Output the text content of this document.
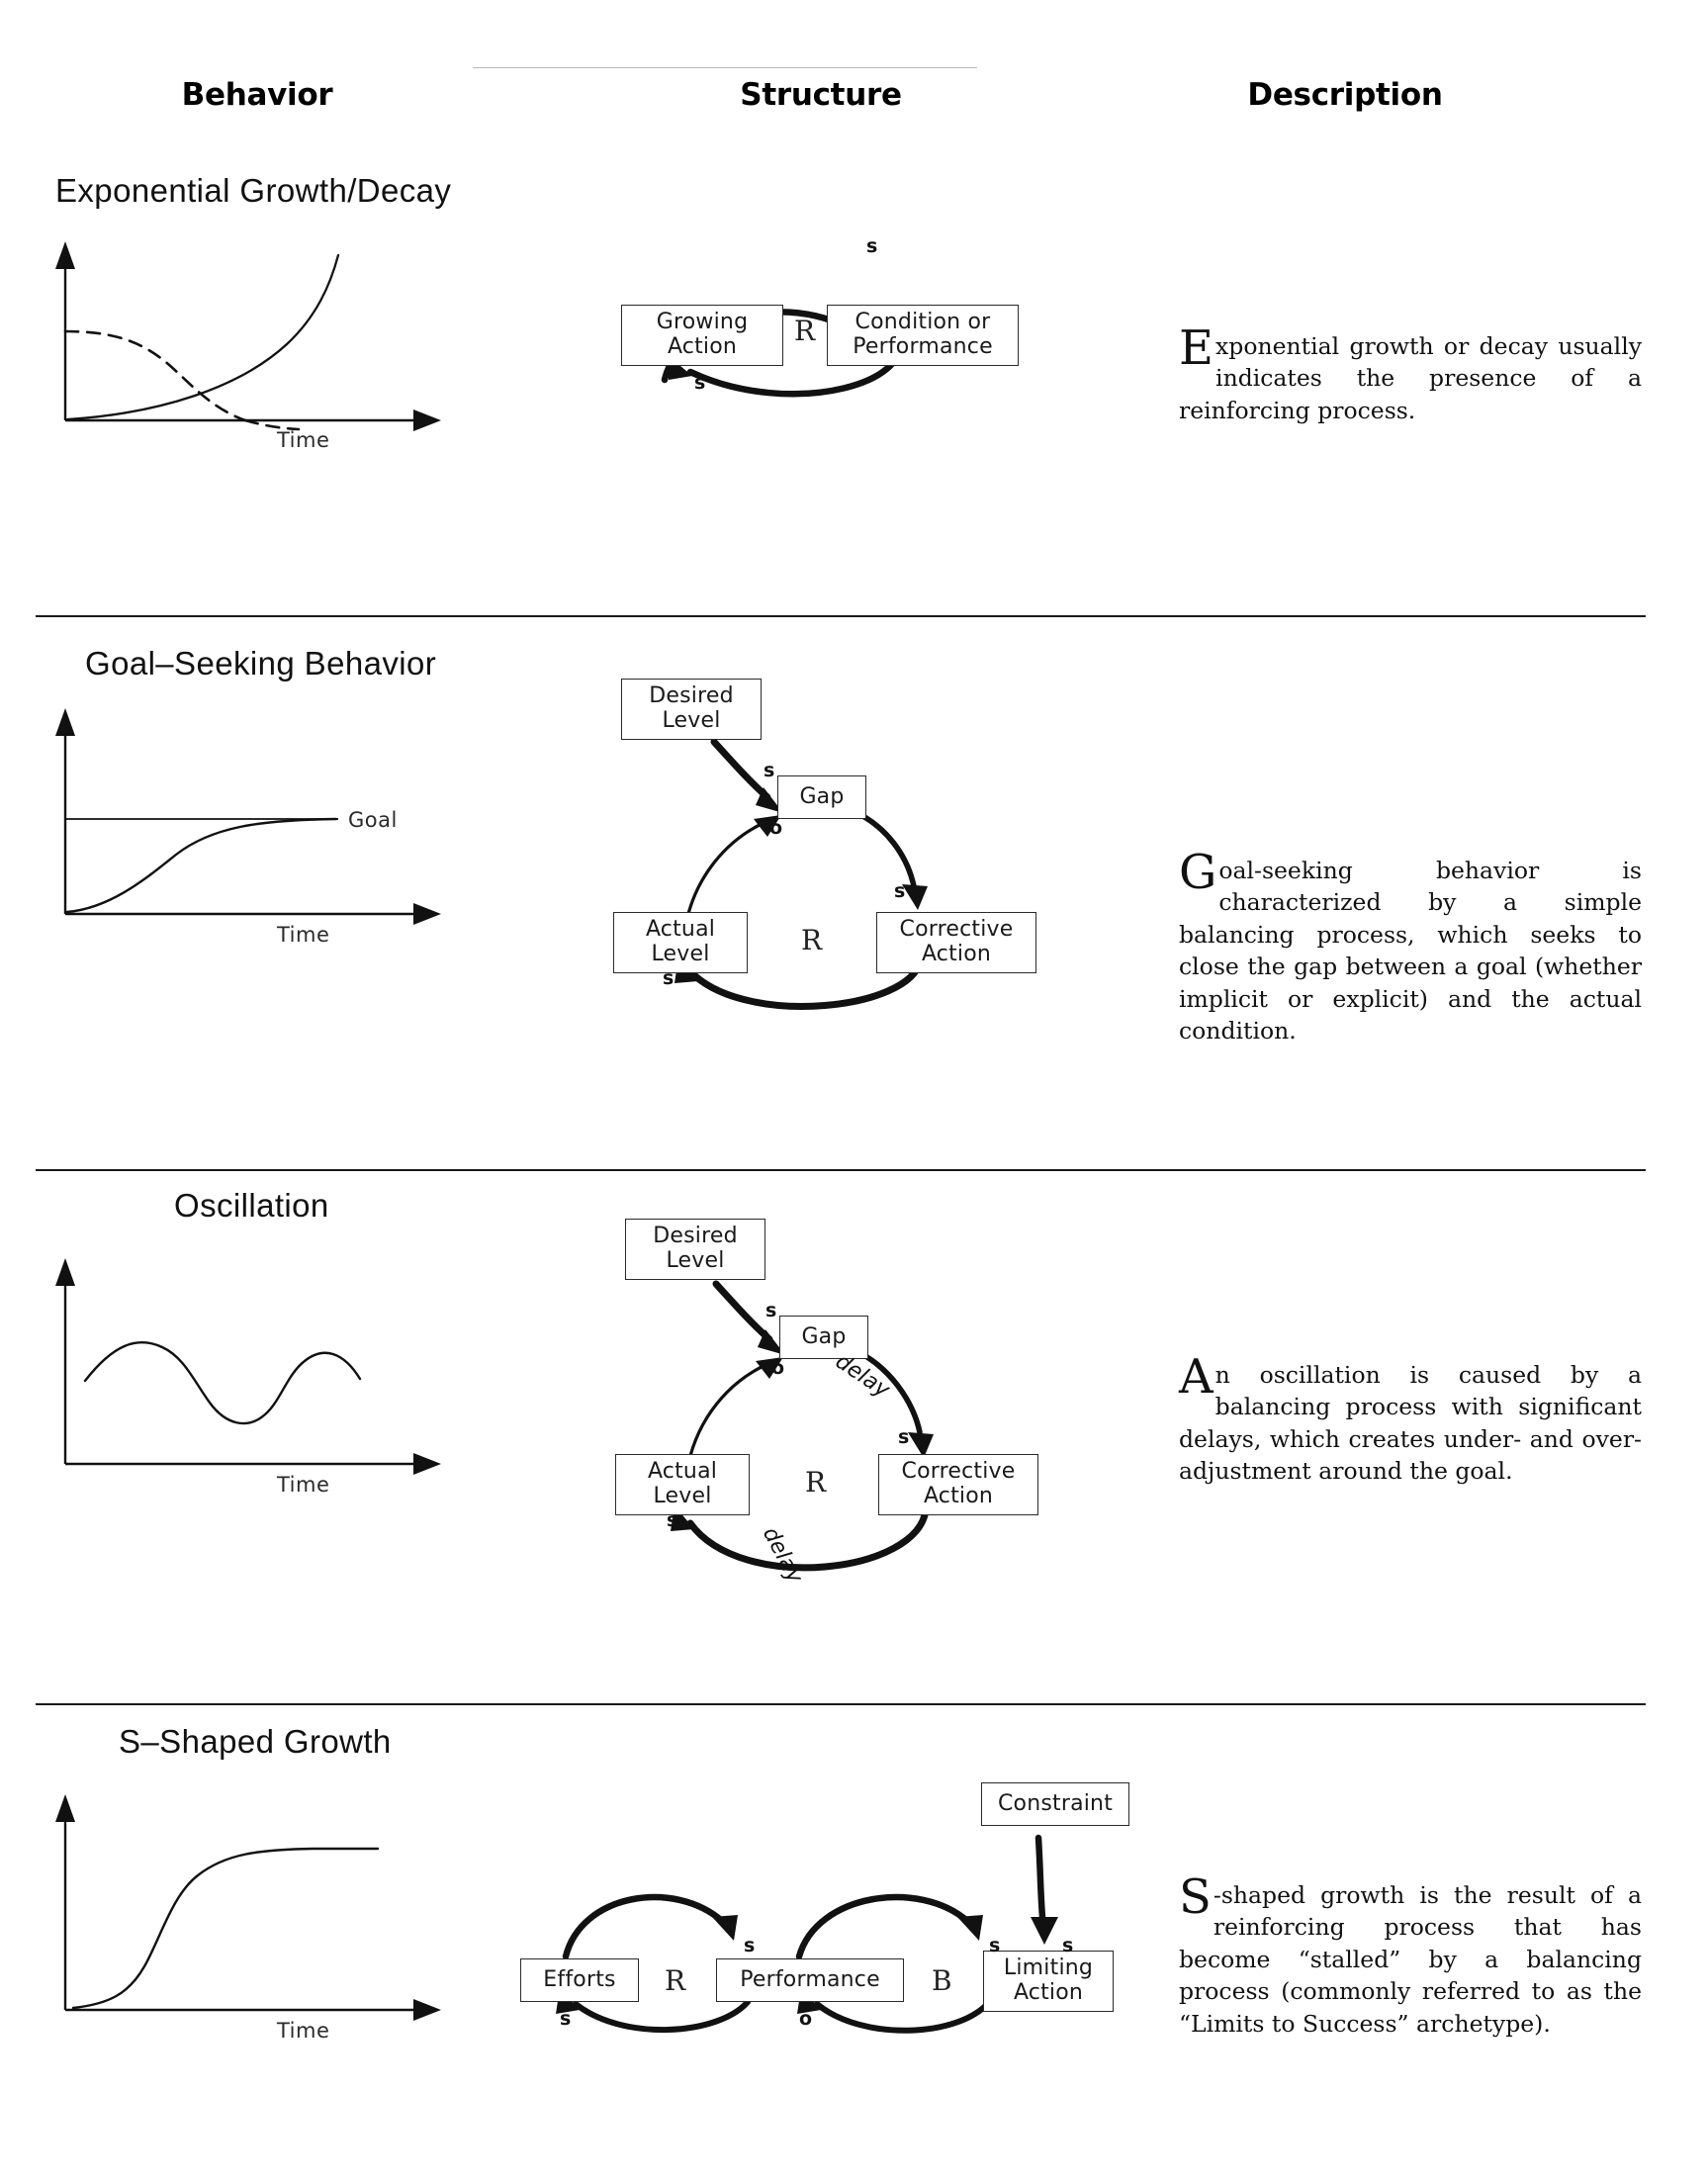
Behavior	Structure	Description
Exponential Growth/Decay
Time
Growing
Action
Condition or
Performance
R
s
s
Exponential growth or decay usually indicates the presence of a reinforcing process.
Goal–Seeking Behavior
Goal
Time
Desired
Level
Gap
Actual
Level
Corrective
Action
R
s
o
s
s
Goal-seeking behavior is characterized by a simple balancing process, which seeks to close the gap between a goal (whether implicit or explicit) and the actual condition.
Oscillation
Time
Desired
Level
Gap
Actual
Level
Corrective
Action
R
s
o
s
s
delay
delay
An oscillation is caused by a balancing process with significant delays, which creates under- and over-adjustment around the goal.
S–Shaped Growth
Time
Efforts	Performance	Limiting
Action
Constraint
R	B
s	s	s
s	o
S -shaped growth is the result of a reinforcing process that has become “stalled” by a balancing process (commonly referred to as the “Limits to Success” archetype).
